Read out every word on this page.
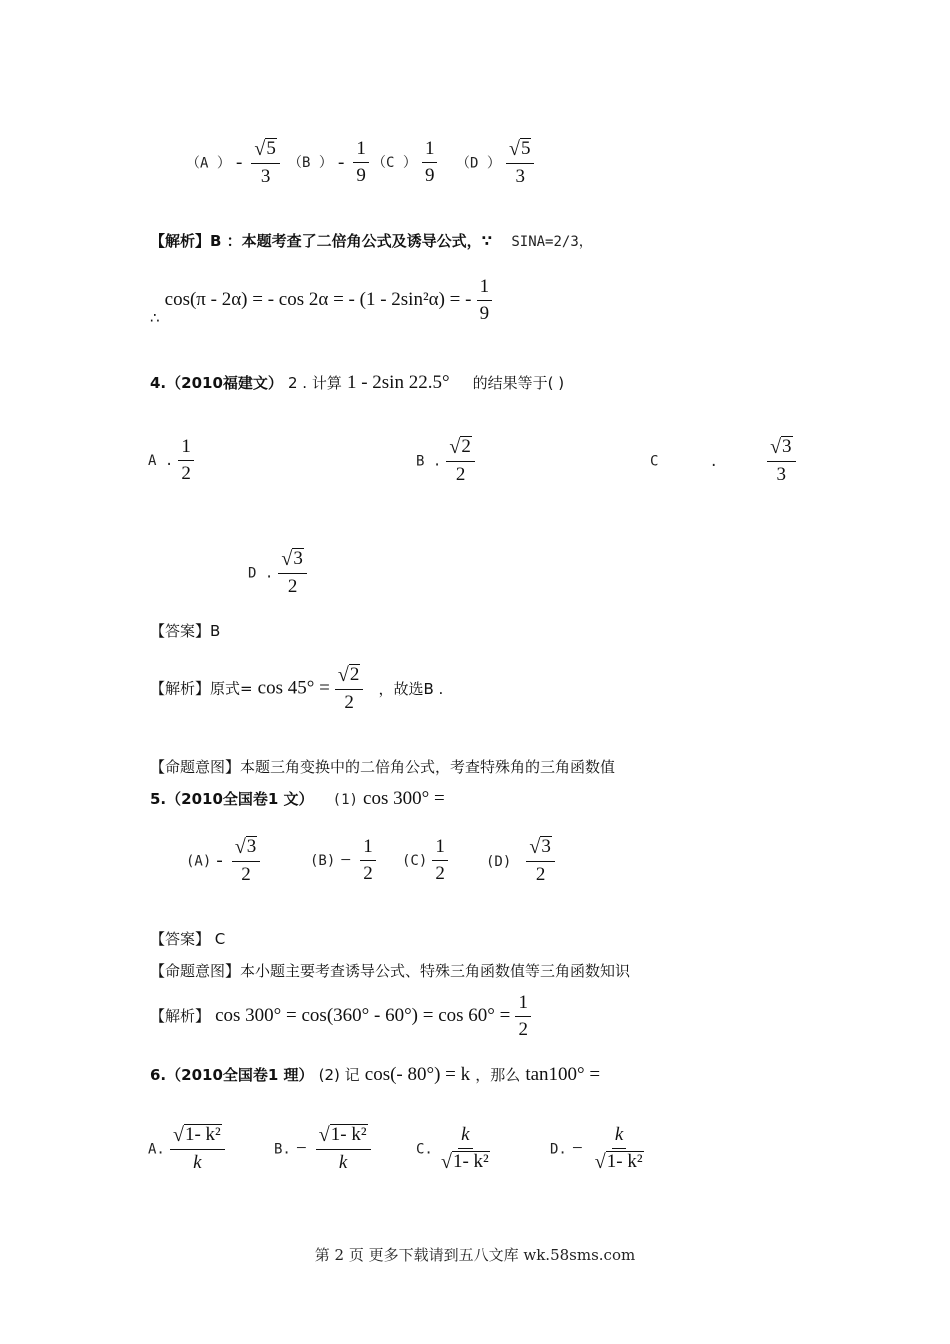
（A ） - $\frac{√ 5}{3} (B$ ） - $\frac{1}{9} (C$ ） $\frac{1}{9} (D$ ） $\frac{√ 5}{3}$
【解析】B ：本题考查了二倍角公式及诱导公式，∵ SINA=2/3，
∴ cos(π - 2α) = - cos 2α = - (1 - 2sin²α) = - $\frac{1}{9}$
4.（2010福建文） 2 . 计算 1 - 2sin 22.5° 的结果等于( )
A . $\frac{1}{2}$	B . $\frac{√ 2}{2}$	C	. $\frac{√ 3}{3}$
D . $\frac{√ 3}{2}$
【答案】B
【解析】原式= $\cos 45^\circ = \frac{√ 2}{2}$ ，故选B .
【命题意图】本题三角变换中的二倍角公式，考查特殊角的三角函数值
5.（2010全国卷1 文） (1) cos 300° =
$(A) - \frac{√ 3}{2}$	$(B) - \frac{1}{2} (C) \frac{1}{2}$	$(D) \frac{√ 3}{2}$
【答案】 C
【命题意图】本小题主要考查诱导公式、特殊三角函数值等三角函数知识
【解析】 $\cos 300^\circ = \cos(360^\circ - 60^\circ) = \cos 60^\circ = \frac{1}{2}$
6.（2010全国卷1 理） (2) 记 cos(- 80°) = k ，那么 tan100° =
A. $\frac{\text{√ 1- k²}}{k}$	B. − $\frac{\text{√ 1- k²}}{k}$	C. $\frac{k}{\text{√ 1- k²}}$	D. − $\frac{k}{\text{√ 1- k²}}$
第 2 页 更多下载请到五八文库 wk.58sms.com
